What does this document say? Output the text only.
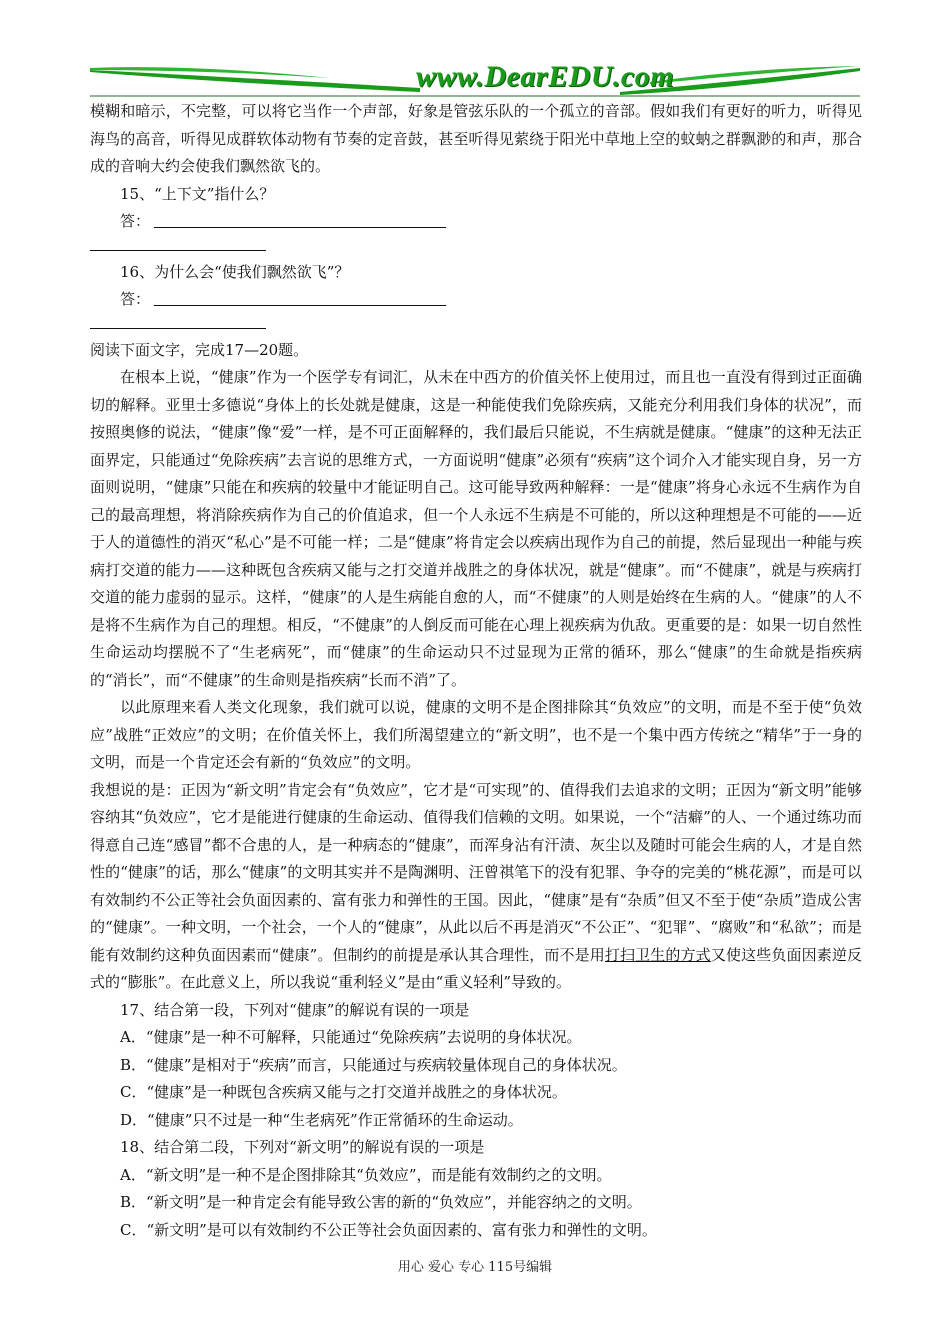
www.DearEDU.com

模糊和暗示，不完整，可以将它当作一个声部，好象是管弦乐队的一个孤立的音部。假如我们有更好的听力，听得见海鸟的高音，听得见成群软体动物有节奏的定音鼓，甚至听得见萦绕于阳光中草地上空的蚊蚋之群飘渺的和声，那合成的音响大约会使我们飘然欲飞的。

15、“上下文”指什么？

答：

16、为什么会“使我们飘然欲飞”？

答：

阅读下面文字，完成17—20题。

在根本上说，“健康”作为一个医学专有词汇，从未在中西方的价值关怀上使用过，而且也一直没有得到过正面确切的解释。亚里士多德说“身体上的长处就是健康，这是一种能使我们免除疾病，又能充分利用我们身体的状况”，而按照奥修的说法，“健康”像“爱”一样，是不可正面解释的，我们最后只能说，不生病就是健康。“健康”的这种无法正面界定，只能通过“免除疾病”去言说的思维方式，一方面说明“健康”必须有“疾病”这个词介入才能实现自身，另一方面则说明，“健康”只能在和疾病的较量中才能证明自己。这可能导致两种解释：一是“健康”将身心永远不生病作为自己的最高理想，将消除疾病作为自己的价值追求，但一个人永远不生病是不可能的，所以这种理想是不可能的——近于人的道德性的消灭“私心”是不可能一样；二是“健康”将肯定会以疾病出现作为自己的前提，然后显现出一种能与疾病打交道的能力——这种既包含疾病又能与之打交道并战胜之的身体状况，就是“健康”。而“不健康”，就是与疾病打交道的能力虚弱的显示。这样，“健康”的人是生病能自愈的人，而“不健康”的人则是始终在生病的人。“健康”的人不是将不生病作为自己的理想。相反，“不健康”的人倒反而可能在心理上视疾病为仇敌。更重要的是：如果一切自然性生命运动均摆脱不了“生老病死”，而“健康”的生命运动只不过显现为正常的循环，那么“健康”的生命就是指疾病的“消长”，而“不健康”的生命则是指疾病“长而不消”了。

以此原理来看人类文化现象，我们就可以说，健康的文明不是企图排除其“负效应”的文明，而是不至于使“负效应”战胜“正效应”的文明；在价值关怀上，我们所渴望建立的“新文明”，也不是一个集中西方传统之“精华”于一身的文明，而是一个肯定还会有新的“负效应”的文明。

我想说的是：正因为“新文明”肯定会有“负效应”，它才是“可实现”的、值得我们去追求的文明；正因为“新文明”能够容纳其“负效应”，它才是能进行健康的生命运动、值得我们信赖的文明。如果说，一个“洁癖”的人、一个通过练功而得意自己连“感冒”都不合患的人，是一种病态的“健康”，而浑身沾有汗渍、灰尘以及随时可能会生病的人，才是自然性的“健康”的话，那么“健康”的文明其实并不是陶渊明、汪曾祺笔下的没有犯罪、争夺的完美的“桃花源”，而是可以有效制约不公正等社会负面因素的、富有张力和弹性的王国。因此，“健康”是有“杂质”但又不至于使“杂质”造成公害的“健康”。一种文明，一个社会，一个人的“健康”，从此以后不再是消灭“不公正”、“犯罪”、“腐败”和“私欲”；而是能有效制约这种负面因素而“健康”。但制约的前提是承认其合理性，而不是用打扫卫生的方式又使这些负面因素逆反式的“膨胀”。在此意义上，所以我说“重利轻义”是由“重义轻利”导致的。

17、结合第一段，下列对“健康”的解说有误的一项是

A．“健康”是一种不可解释，只能通过“免除疾病”去说明的身体状况。

B．“健康”是相对于“疾病”而言，只能通过与疾病较量体现自己的身体状况。

C．“健康”是一种既包含疾病又能与之打交道并战胜之的身体状况。

D．“健康”只不过是一种“生老病死”作正常循环的生命运动。

18、结合第二段，下列对“新文明”的解说有误的一项是

A．“新文明”是一种不是企图排除其“负效应”，而是能有效制约之的文明。

B．“新文明”是一种肯定会有能导致公害的新的“负效应”，并能容纳之的文明。

C．“新文明”是可以有效制约不公正等社会负面因素的、富有张力和弹性的文明。

用心 爱心 专心 115号编辑
